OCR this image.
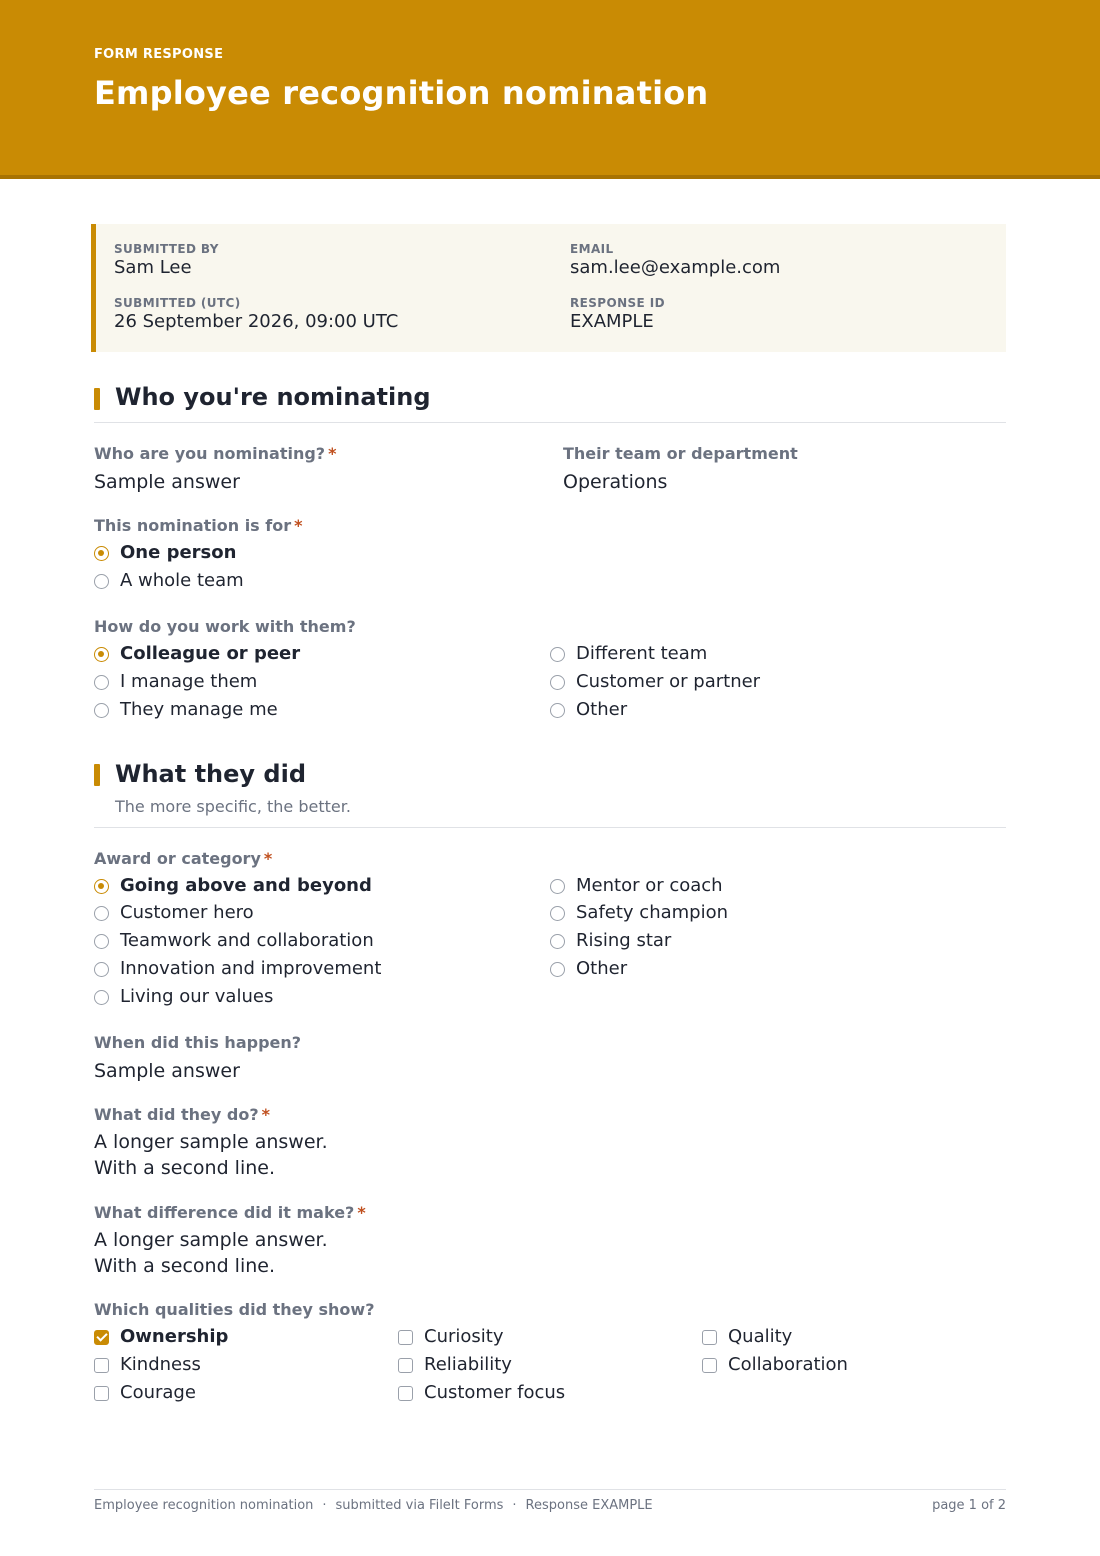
FORM RESPONSE
Employee recognition nomination
SUBMITTED BY
Sam Lee
EMAIL
sam.lee@example.com
SUBMITTED (UTC)
26 September 2026, 09:00 UTC
RESPONSE ID
EXAMPLE
Who you're nominating
Who are you nominating? *
Sample answer
Their team or department
Operations
This nomination is for *
One person
A whole team
How do you work with them?
Colleague or peer
I manage them
They manage me
Different team
Customer or partner
Other
What they did
The more specific, the better.
Award or category *
Going above and beyond
Customer hero
Teamwork and collaboration
Innovation and improvement
Living our values
Mentor or coach
Safety champion
Rising star
Other
When did this happen?
Sample answer
What did they do? *
A longer sample answer.
With a second line.
What difference did it make? *
A longer sample answer.
With a second line.
Which qualities did they show?
Ownership
Kindness
Courage
Curiosity
Reliability
Customer focus
Quality
Collaboration
Employee recognition nomination · submitted via FileIt Forms · Response EXAMPLE	page 1 of 2
